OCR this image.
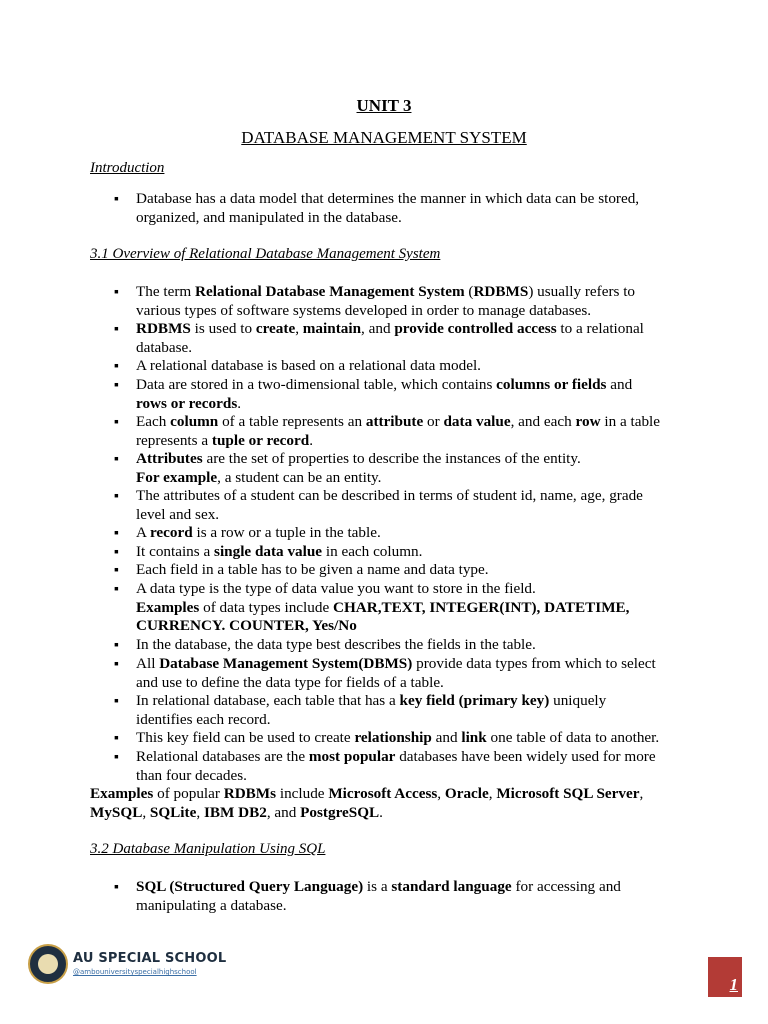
UNIT 3
DATABASE MANAGEMENT SYSTEM
Introduction
▪
Database has a data model that determines the manner in which data can be stored,
organized, and manipulated in the database.
3.1 Overview of Relational Database Management System
▪
The term Relational Database Management System (RDBMS) usually refers to
various types of software systems developed in order to manage databases.
▪
RDBMS is used to create, maintain, and provide controlled access to a relational
database.
▪
A relational database is based on a relational data model.
▪
Data are stored in a two-dimensional table, which contains columns or fields and
rows or records.
▪
Each column of a table represents an attribute or data value, and each row in a table
represents a tuple or record.
▪
Attributes are the set of properties to describe the instances of the entity.
For example, a student can be an entity.
▪
The attributes of a student can be described in terms of student id, name, age, grade
level and sex.
▪
A record is a row or a tuple in the table.
▪
It contains a single data value in each column.
▪
Each field in a table has to be given a name and data type.
▪
A data type is the type of data value you want to store in the field.
Examples of data types include CHAR,TEXT, INTEGER(INT), DATETIME,
CURRENCY. COUNTER, Yes/No
▪
In the database, the data type best describes the fields in the table.
▪
All Database Management System(DBMS) provide data types from which to select
and use to define the data type for fields of a table.
▪
In relational database, each table that has a key field (primary key) uniquely
identifies each record.
▪
This key field can be used to create relationship and link one table of data to another.
▪
Relational databases are the most popular databases have been widely used for more
than four decades.
Examples of popular RDBMs include Microsoft Access, Oracle, Microsoft SQL Server,
MySQL, SQLite, IBM DB2, and PostgreSQL.
3.2 Database Manipulation Using SQL
▪
SQL (Structured Query Language) is a standard language for accessing and
manipulating a database.
AU SPECIAL SCHOOL
@ambouniversityspecialhighschool
1
